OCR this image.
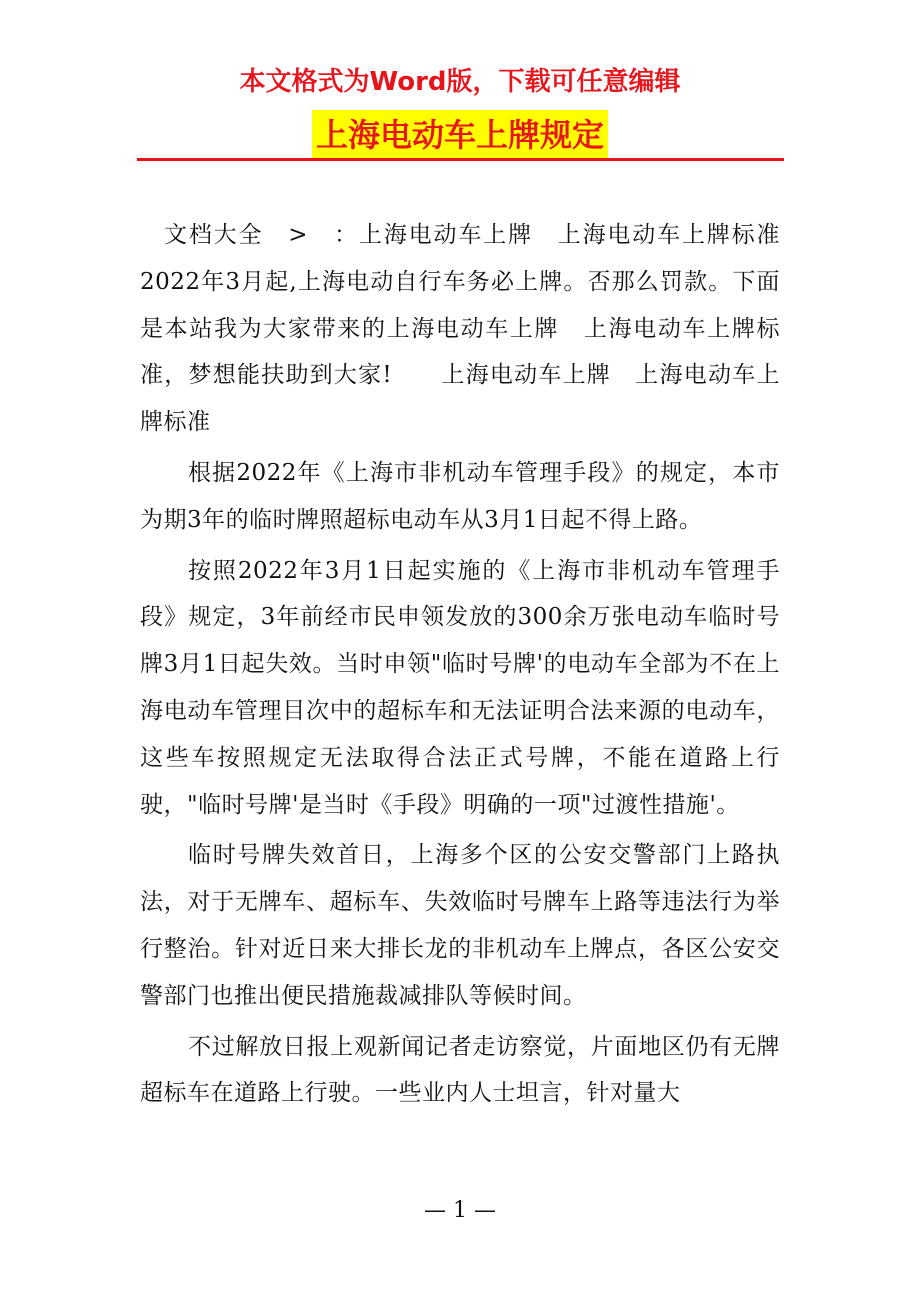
本文格式为Word版，下载可任意编辑
上海电动车上牌规定

文档大全　>　：上海电动车上牌　上海电动车上牌标准　2022年3月起,上海电动自行车务必上牌。否那么罚款。下面是本站我为大家带来的上海电动车上牌　上海电动车上牌标准，梦想能扶助到大家!　　上海电动车上牌　上海电动车上牌标准

根据2022年《上海市非机动车管理手段》的规定，本市为期3年的临时牌照超标电动车从3月1日起不得上路。

按照2022年3月1日起实施的《上海市非机动车管理手段》规定，3年前经市民申领发放的300余万张电动车临时号牌3月1日起失效。当时申领"临时号牌'的电动车全部为不在上海电动车管理目次中的超标车和无法证明合法来源的电动车，这些车按照规定无法取得合法正式号牌，不能在道路上行驶，"临时号牌'是当时《手段》明确的一项"过渡性措施'。

临时号牌失效首日，上海多个区的公安交警部门上路执法，对于无牌车、超标车、失效临时号牌车上路等违法行为举行整治。针对近日来大排长龙的非机动车上牌点，各区公安交警部门也推出便民措施裁减排队等候时间。

不过解放日报上观新闻记者走访察觉，片面地区仍有无牌超标车在道路上行驶。一些业内人士坦言，针对量大

— 1 —
